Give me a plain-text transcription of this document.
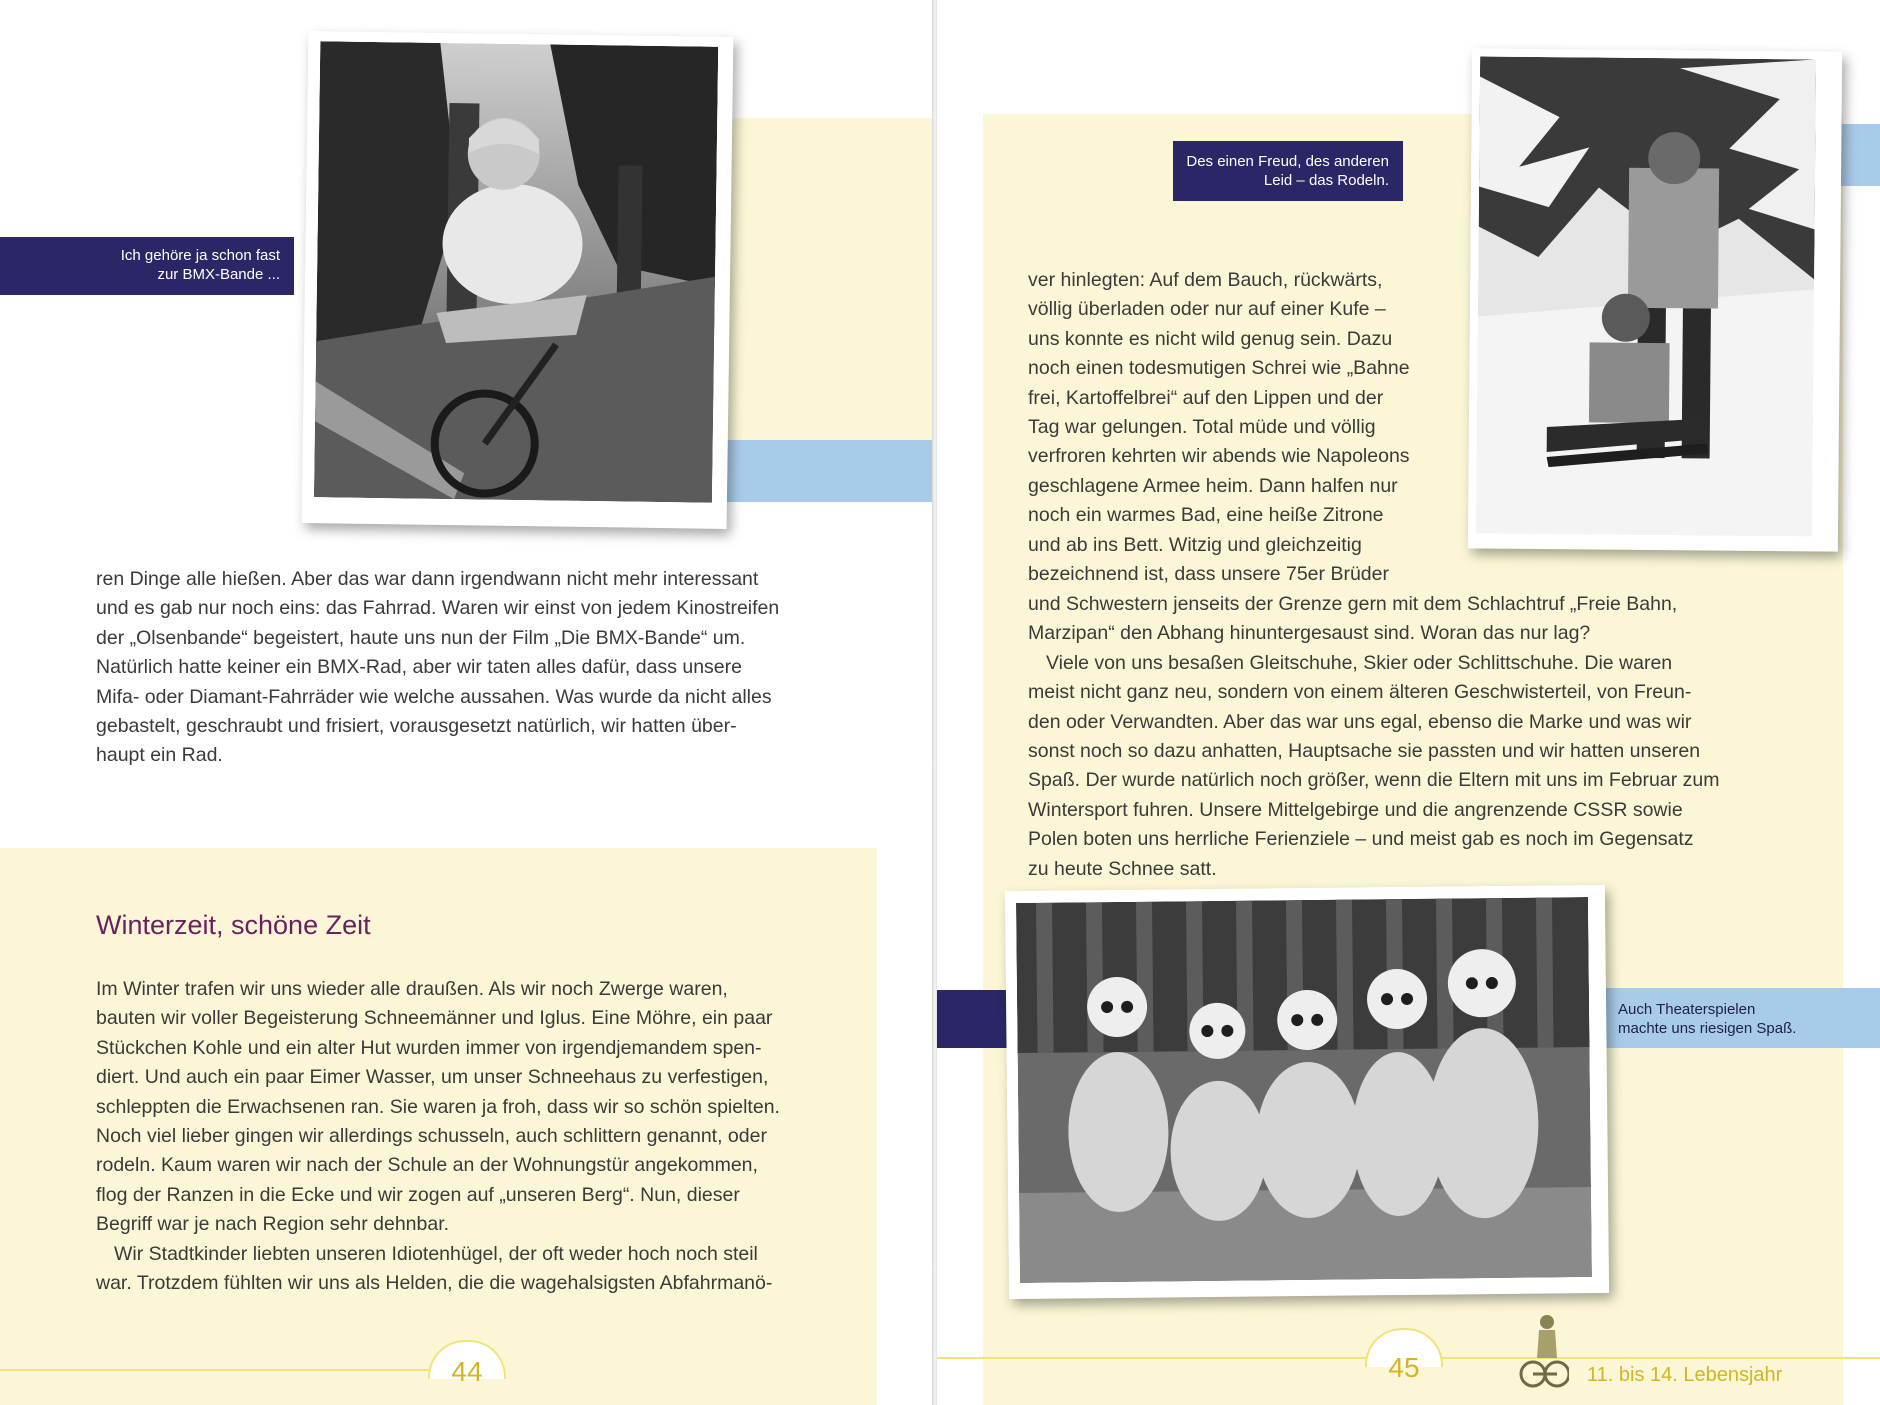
Ich gehöre ja schon fast
zur BMX-Bande ...

ren Dinge alle hießen. Aber das war dann irgendwann nicht mehr interessant

und es gab nur noch eins: das Fahrrad. Waren wir einst von jedem Kinostreifen

der „Olsenbande“ begeistert, haute uns nun der Film „Die BMX-Bande“ um.

Natürlich hatte keiner ein BMX-Rad, aber wir taten alles dafür, dass unsere

Mifa- oder Diamant-Fahrräder wie welche aussahen. Was wurde da nicht alles

gebastelt, geschraubt und frisiert, vorausgesetzt natürlich, wir hatten über-

haupt ein Rad.

Winterzeit, schöne Zeit

Im Winter trafen wir uns wieder alle draußen. Als wir noch Zwerge waren,

bauten wir voller Begeisterung Schneemänner und Iglus. Eine Möhre, ein paar

Stückchen Kohle und ein alter Hut wurden immer von irgendjemandem spen-

diert. Und auch ein paar Eimer Wasser, um unser Schneehaus zu verfestigen,

schleppten die Erwachsenen ran. Sie waren ja froh, dass wir so schön spielten.

Noch viel lieber gingen wir allerdings schusseln, auch schlittern genannt, oder

rodeln. Kaum waren wir nach der Schule an der Wohnungstür angekommen,

flog der Ranzen in die Ecke und wir zogen auf „unseren Berg“. Nun, dieser

Begriff war je nach Region sehr dehnbar.

Wir Stadtkinder liebten unseren Idiotenhügel, der oft weder hoch noch steil

war. Trotzdem fühlten wir uns als Helden, die die wagehalsigsten Abfahrmanö-

44
Des einen Freud, des anderen
Leid – das Rodeln.

ver hinlegten: Auf dem Bauch, rückwärts,

völlig überladen oder nur auf einer Kufe –

uns konnte es nicht wild genug sein. Dazu

noch einen todesmutigen Schrei wie „Bahne

frei, Kartoffelbrei“ auf den Lippen und der

Tag war gelungen. Total müde und völlig

verfroren kehrten wir abends wie Napoleons

geschlagene Armee heim. Dann halfen nur

noch ein warmes Bad, eine heiße Zitrone

und ab ins Bett. Witzig und gleichzeitig

bezeichnend ist, dass unsere 75er Brüder

und Schwestern jenseits der Grenze gern mit dem Schlachtruf „Freie Bahn,

Marzipan“ den Abhang hinuntergesaust sind. Woran das nur lag?

Viele von uns besaßen Gleitschuhe, Skier oder Schlittschuhe. Die waren

meist nicht ganz neu, sondern von einem älteren Geschwisterteil, von Freun-

den oder Verwandten. Aber das war uns egal, ebenso die Marke und was wir

sonst noch so dazu anhatten, Hauptsache sie passten und wir hatten unseren

Spaß. Der wurde natürlich noch größer, wenn die Eltern mit uns im Februar zum

Wintersport fuhren. Unsere Mittelgebirge und die angrenzende CSSR sowie

Polen boten uns herrliche Ferienziele – und meist gab es noch im Gegensatz

zu heute Schnee satt.

Auch Theaterspielen
machte uns riesigen Spaß.
45	11. bis 14. Lebensjahr
